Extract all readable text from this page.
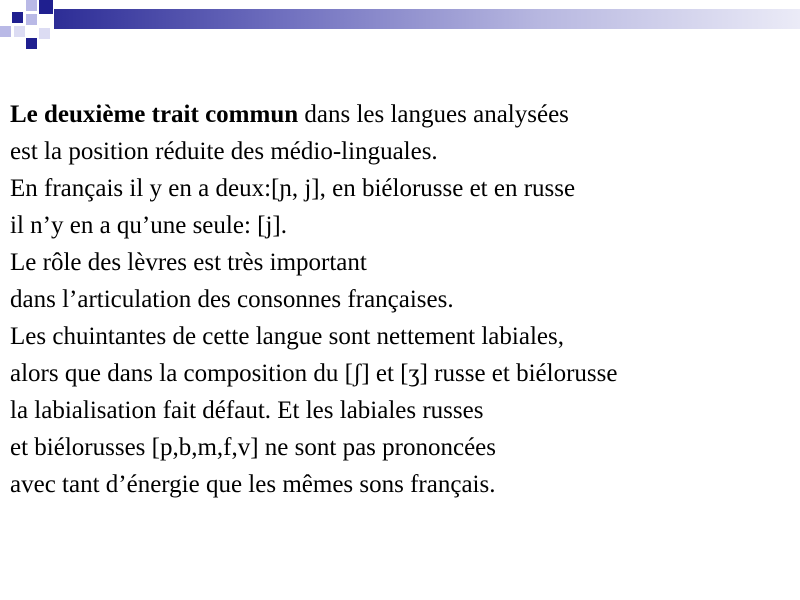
Le deuxième trait commun dans les langues analysées
est la position réduite des médio-linguales.
En français il y en a deux:[ɲ, j], en biélorusse et en russe
il n’y en a qu’une seule: [j].
Le rôle des lèvres est très important
dans l’articulation des consonnes françaises.
Les chuintantes de cette langue sont nettement labiales,
alors que dans la composition du [ʃ] et [ʒ] russe et biélorusse
la labialisation fait défaut. Et les labiales russes
et biélorusses [p,b,m,f,v] ne sont pas prononcées
avec tant d’énergie que les mêmes sons français.
